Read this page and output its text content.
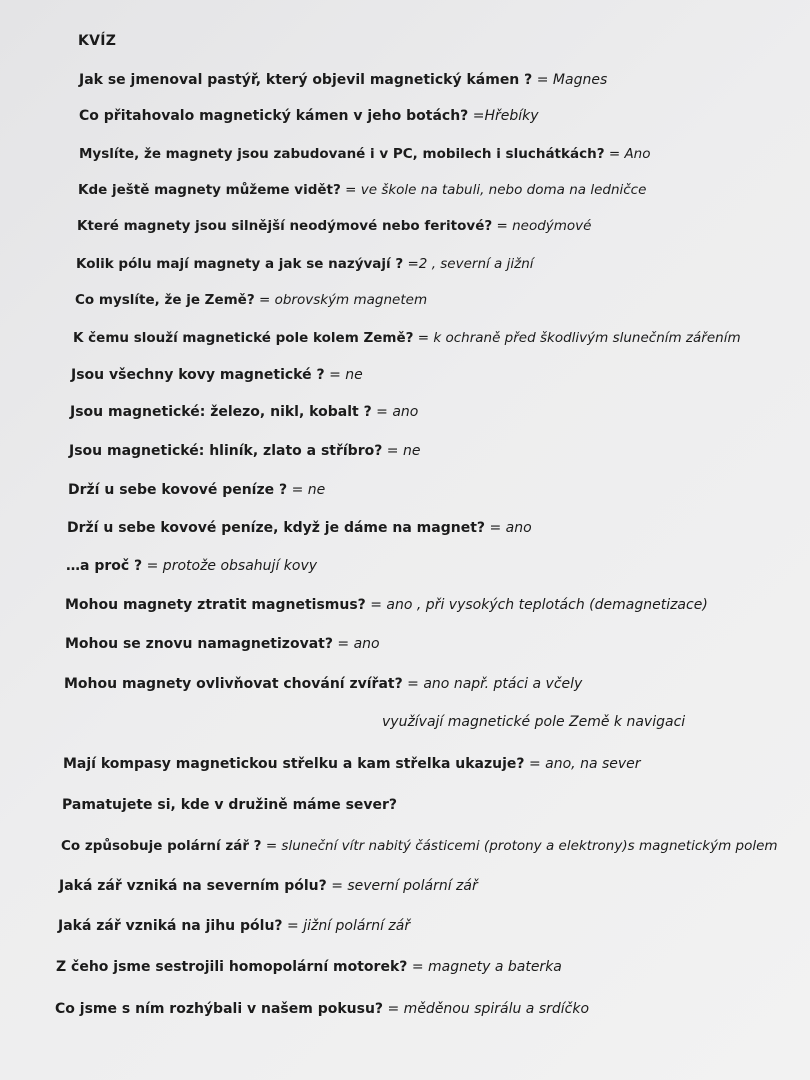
KVÍZ
Jak se jmenoval pastýř, který objevil magnetický kámen ? = Magnes
Co přitahovalo magnetický kámen v jeho botách? =Hřebíky
Myslíte, že magnety jsou zabudované i v PC, mobilech i sluchátkách? = Ano
Kde ještě magnety můžeme vidět? = ve škole na tabuli, nebo doma na ledničce
Které magnety jsou silnější neodýmové nebo feritové? = neodýmové
Kolik pólu mají magnety a jak se nazývají ? =2 , severní a jižní
Co myslíte, že je Země? = obrovským magnetem
K čemu slouží magnetické pole kolem Země? = k ochraně před škodlivým slunečním zářením
Jsou všechny kovy magnetické ? = ne
Jsou magnetické: železo, nikl, kobalt ? = ano
Jsou magnetické: hliník, zlato a stříbro? = ne
Drží u sebe kovové peníze ? = ne
Drží u sebe kovové peníze, když je dáme na magnet? = ano
…a proč ? = protože obsahují kovy
Mohou magnety ztratit magnetismus? = ano , při vysokých teplotách (demagnetizace)
Mohou se znovu namagnetizovat? = ano
Mohou magnety ovlivňovat chování zvířat? = ano např. ptáci a včely
využívají magnetické pole Země k navigaci
Mají kompasy magnetickou střelku a kam střelka ukazuje? = ano, na sever
Pamatujete si, kde v družině máme sever?
Co způsobuje polární zář ? = sluneční vítr nabitý částicemi (protony a elektrony)s magnetickým polem
Jaká zář vzniká na severním pólu? = severní polární zář
Jaká zář vzniká na jihu pólu? = jižní polární zář
Z čeho jsme sestrojili homopolární motorek? = magnety a baterka
Co jsme s ním rozhýbali v našem pokusu? = měděnou spirálu a srdíčko
